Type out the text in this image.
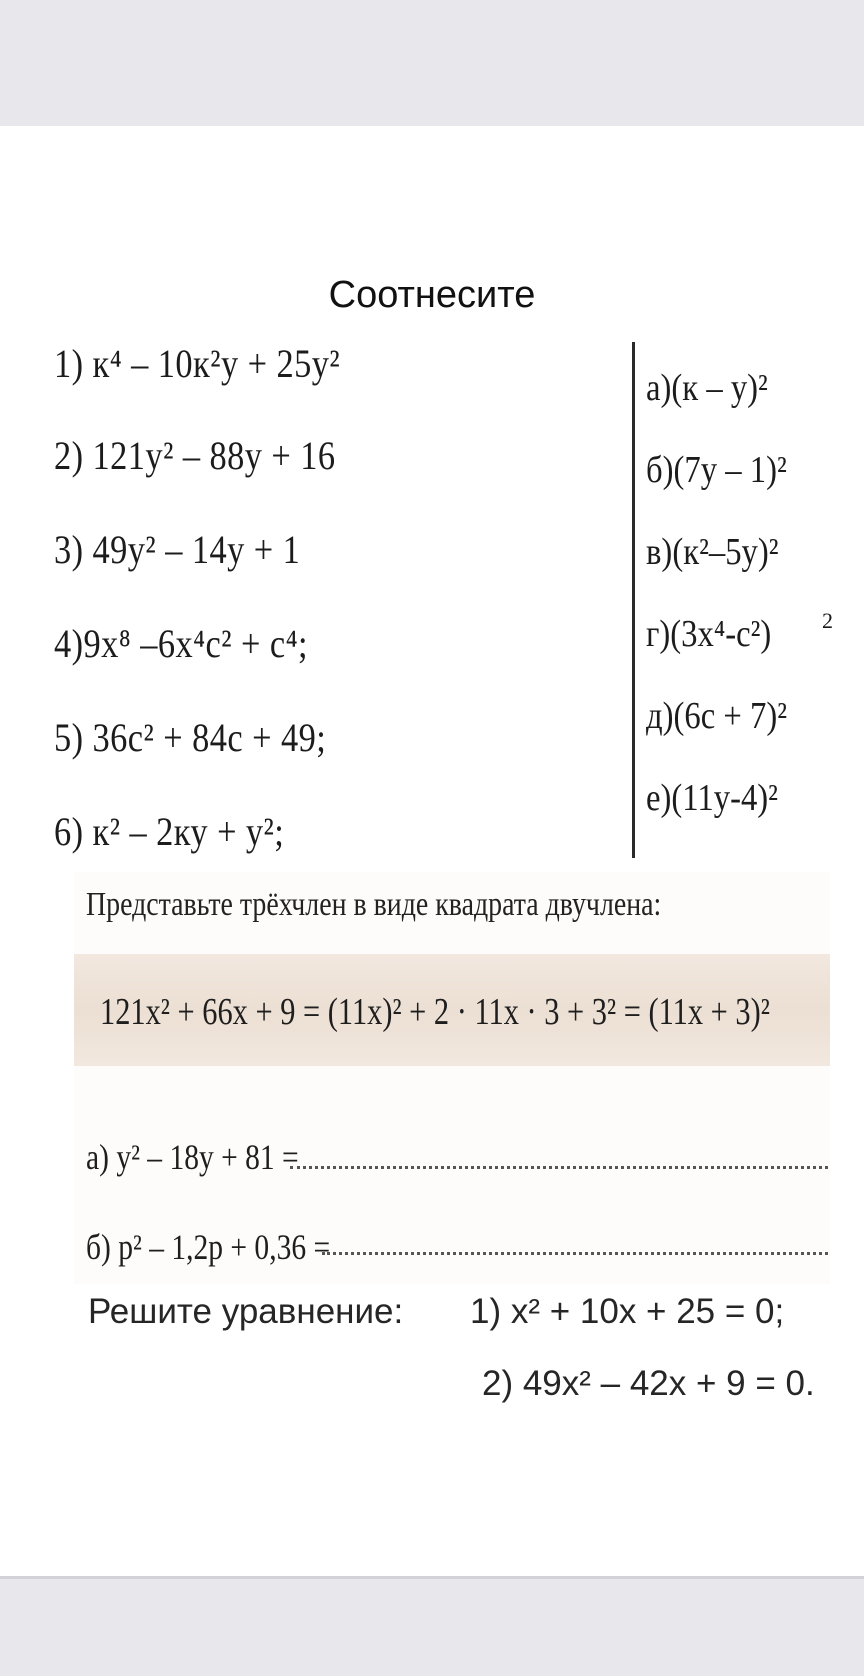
Соотнесите
1) к⁴ – 10к²у + 25у²
2) 121у² – 88у + 16
3) 49у² – 14у + 1
4)9х⁸ –6х⁴с² + с⁴;
5) 36с² + 84с + 49;
6) к² – 2ку + у²;
а)(к – у)²
б)(7у – 1)²
в)(к²–5у)²
г)(3х⁴-с²)
д)(6с + 7)²
е)(11у-4)²
2
Представьте трёхчлен в виде квадрата двучлена:
121x² + 66x + 9 = (11x)² + 2 · 11x · 3 + 3² = (11x + 3)²
а) y² – 18y + 81 =
б) p² – 1,2p + 0,36 =
Решите уравнение: 1) x² + 10x + 25 = 0;
2) 49x² – 42x + 9 = 0.
